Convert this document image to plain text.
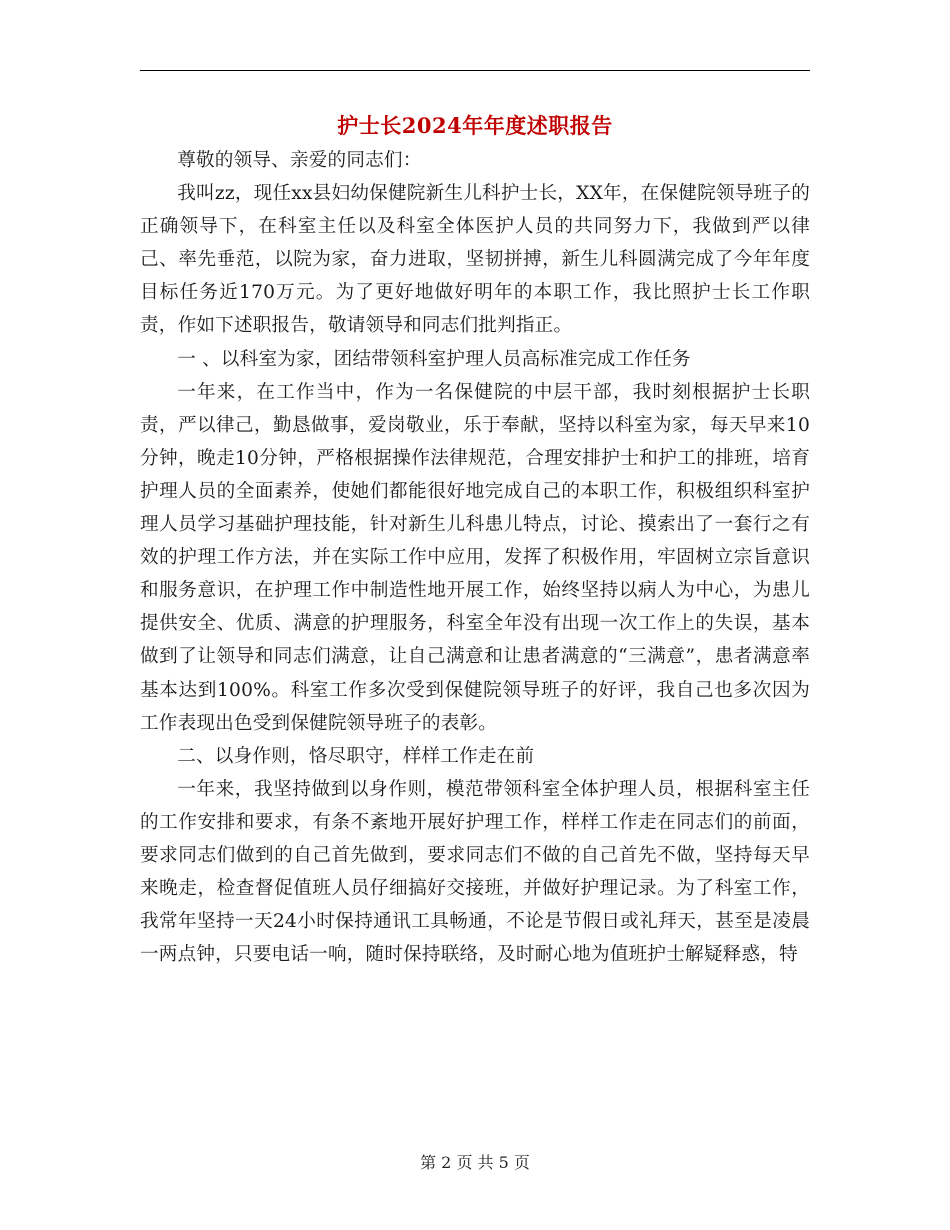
护士长2024年年度述职报告

尊敬的领导、亲爱的同志们：

我叫zz，现任xx县妇幼保健院新生儿科护士长，XX年，在保健院领导班子的正确领导下，在科室主任以及科室全体医护人员的共同努力下，我做到严以律己、率先垂范，以院为家，奋力进取，坚韧拼搏，新生儿科圆满完成了今年年度目标任务近170万元。为了更好地做好明年的本职工作，我比照护士长工作职责，作如下述职报告，敬请领导和同志们批判指正。

一 、以科室为家，团结带领科室护理人员高标准完成工作任务

一年来，在工作当中，作为一名保健院的中层干部，我时刻根据护士长职责，严以律己，勤恳做事，爱岗敬业，乐于奉献，坚持以科室为家，每天早来10分钟，晚走10分钟，严格根据操作法律规范，合理安排护士和护工的排班，培育护理人员的全面素养，使她们都能很好地完成自己的本职工作，积极组织科室护理人员学习基础护理技能，针对新生儿科患儿特点，讨论、摸索出了一套行之有效的护理工作方法，并在实际工作中应用，发挥了积极作用，牢固树立宗旨意识和服务意识，在护理工作中制造性地开展工作，始终坚持以病人为中心，为患儿提供安全、优质、满意的护理服务，科室全年没有出现一次工作上的失误，基本做到了让领导和同志们满意，让自己满意和让患者满意的“三满意”，患者满意率基本达到100%。科室工作多次受到保健院领导班子的好评，我自己也多次因为工作表现出色受到保健院领导班子的表彰。

二、以身作则，恪尽职守，样样工作走在前

一年来，我坚持做到以身作则，模范带领科室全体护理人员，根据科室主任的工作安排和要求，有条不紊地开展好护理工作，样样工作走在同志们的前面，要求同志们做到的自己首先做到，要求同志们不做的自己首先不做，坚持每天早来晚走，检查督促值班人员仔细搞好交接班，并做好护理记录。为了科室工作，我常年坚持一天24小时保持通讯工具畅通，不论是节假日或礼拜天，甚至是凌晨一两点钟，只要电话一响，随时保持联络，及时耐心地为值班护士解疑释惑，特

第 2 页 共 5 页
